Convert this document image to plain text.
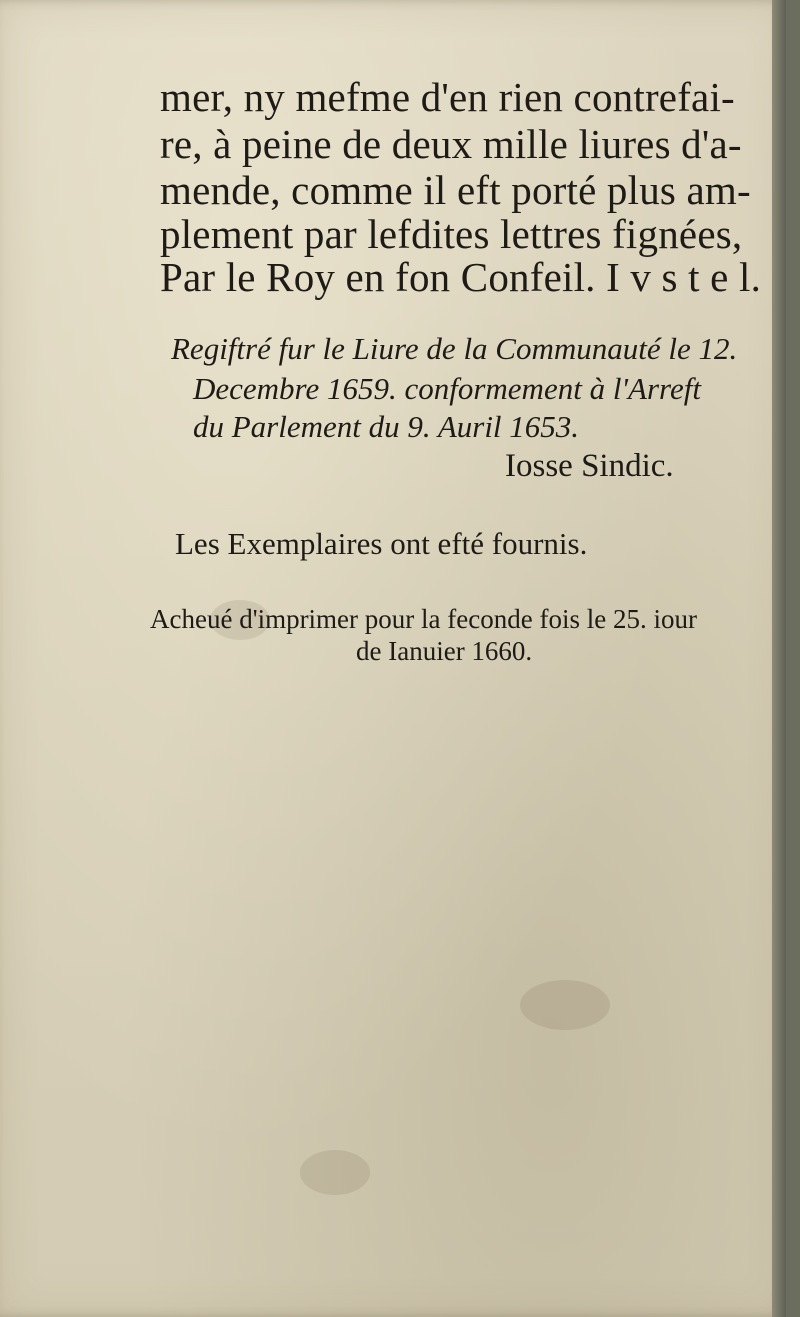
mer, ny mefme d'en rien contrefai-
re, à peine de deux mille liures d'a-
mende, comme il eft porté plus am-
plement par lefdites lettres fignées,
Par le Roy en fon Confeil. I v s t e l.
Regiftré fur le Liure de la Communauté le 12.
Decembre 1659. conformement à l'Arreft
du Parlement du 9. Auril 1653.
Iosse Sindic.
Les Exemplaires ont efté fournis.
Acheué d'imprimer pour la feconde fois le 25. iour
de Ianuier 1660.
